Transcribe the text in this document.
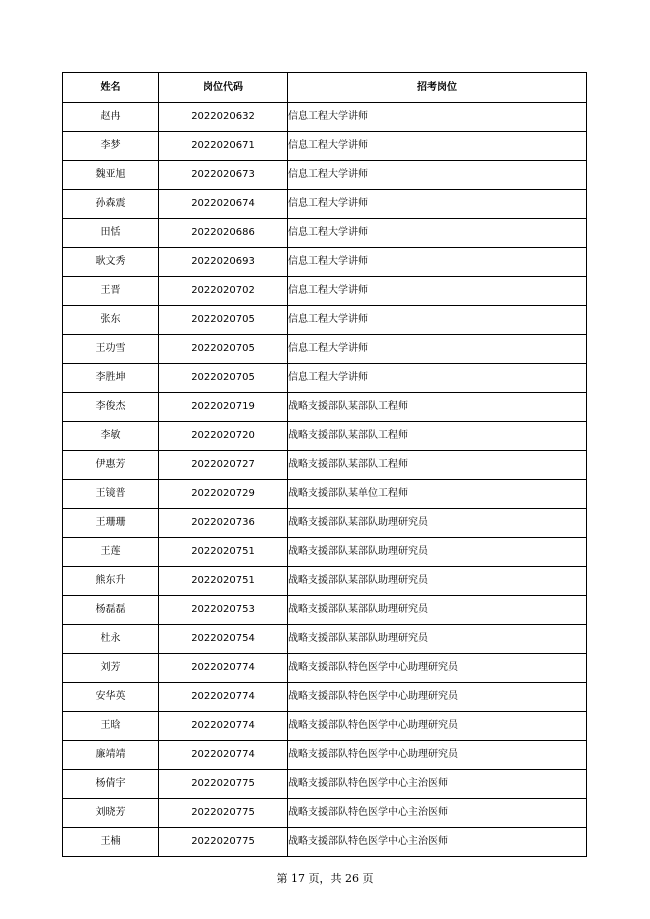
姓名	岗位代码	招考岗位
赵冉	2022020632	信息工程大学讲师
李梦	2022020671	信息工程大学讲师
魏亚旭	2022020673	信息工程大学讲师
孙森震	2022020674	信息工程大学讲师
田恬	2022020686	信息工程大学讲师
耿文秀	2022020693	信息工程大学讲师
王晋	2022020702	信息工程大学讲师
张东	2022020705	信息工程大学讲师
王功雪	2022020705	信息工程大学讲师
李胜坤	2022020705	信息工程大学讲师
李俊杰	2022020719	战略支援部队某部队工程师
李敏	2022020720	战略支援部队某部队工程师
伊惠芳	2022020727	战略支援部队某部队工程师
王镜普	2022020729	战略支援部队某单位工程师
王珊珊	2022020736	战略支援部队某部队助理研究员
王莲	2022020751	战略支援部队某部队助理研究员
熊东升	2022020751	战略支援部队某部队助理研究员
杨磊磊	2022020753	战略支援部队某部队助理研究员
杜永	2022020754	战略支援部队某部队助理研究员
刘芳	2022020774	战略支援部队特色医学中心助理研究员
安华英	2022020774	战略支援部队特色医学中心助理研究员
王晗	2022020774	战略支援部队特色医学中心助理研究员
廉靖靖	2022020774	战略支援部队特色医学中心助理研究员
杨倩宇	2022020775	战略支援部队特色医学中心主治医师
刘晓芳	2022020775	战略支援部队特色医学中心主治医师
王楠	2022020775	战略支援部队特色医学中心主治医师
第 17 页，共 26 页
